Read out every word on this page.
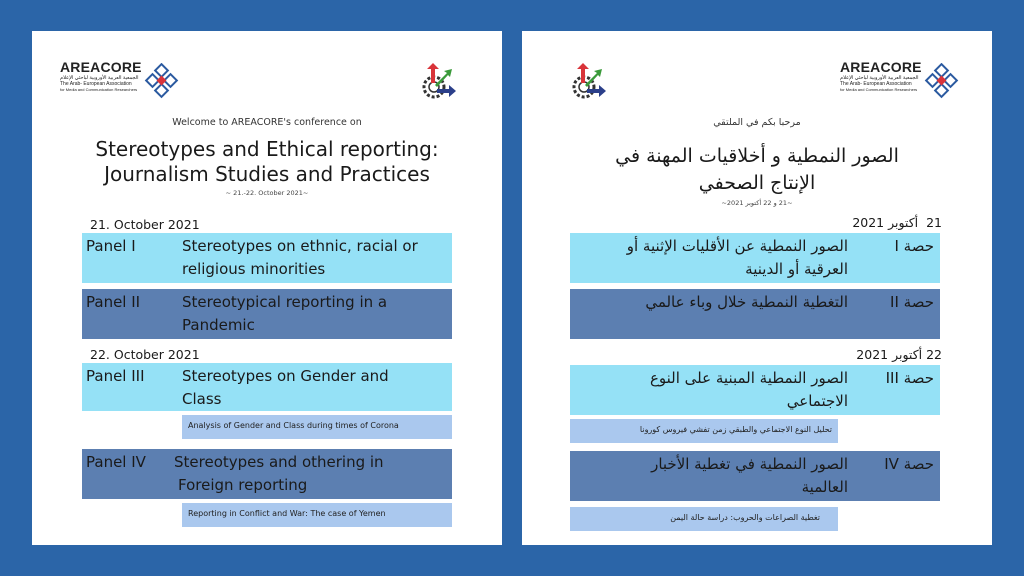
AREACORE
الجمعية العربية الأوروبية لباحثي الإعلام
The Arab- European Association
for Media and Communication Researchers
Welcome to AREACORE's conference on
Stereotypes and Ethical reporting:
Journalism Studies and Practices
~ 21.-22. October 2021~
21. October 2021
Panel I	Stereotypes on ethnic, racial or
religious minorities
Panel II	Stereotypical reporting in a
Pandemic
22. October 2021
Panel III Stereotypes on Gender and
Class
Analysis of Gender and Class during times of Corona
Panel IV Stereotypes and othering in
Foreign reporting
Reporting in Conflict and War: The case of Yemen
AREACORE
الجمعية العربية الأوروبية لباحثي الإعلام
The Arab- European Association
for Media and Communication Researchers
مرحبا بكم في الملتقي
الصور النمطية و أخلاقيات المهنة في
الإنتاج الصحفي
~21 و 22 أكتوبر 2021~
21  أكتوبر 2021
حصة I
الصور النمطية عن الأقليات الإثنية أو
العرقية أو الدينية
حصة II
التغطية النمطية خلال وباء عالمي
22 أكتوبر 2021
حصة III
الصور النمطية المبنية على النوع
الاجتماعي
تحليل النوع الاجتماعي والطبقي زمن تفشي فيروس كورونا
حصة IV
الصور النمطية في تغطية الأخبار
العالمية
تغطية الصراعات والحروب: دراسة حالة اليمن
